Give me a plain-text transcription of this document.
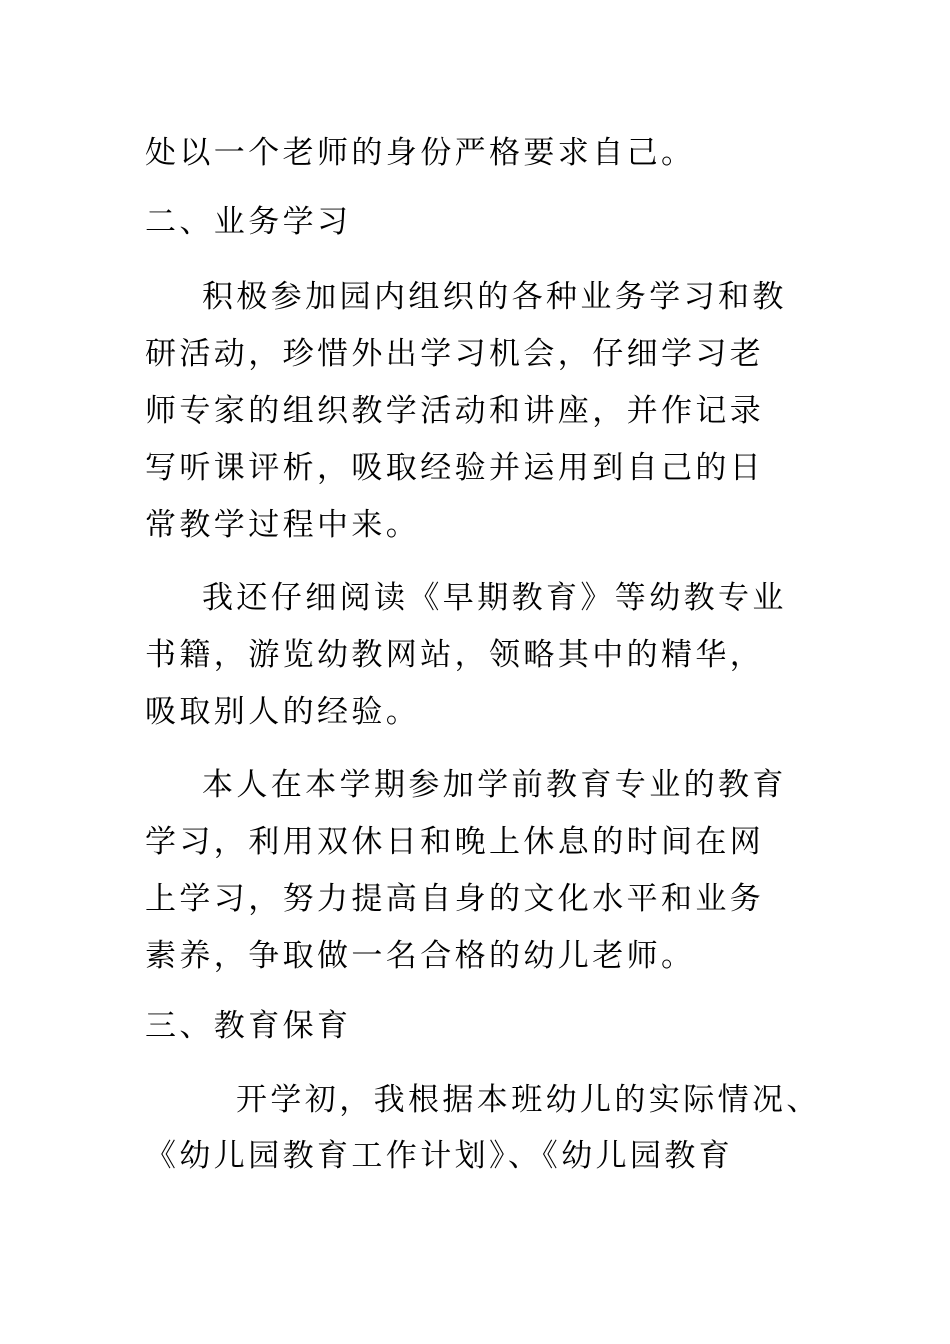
处以一个老师的身份严格要求自己。
二、业务学习
积极参加园内组织的各种业务学习和教
研活动，珍惜外出学习机会，仔细学习老
师专家的组织教学活动和讲座，并作记录
写听课评析，吸取经验并运用到自己的日
常教学过程中来。
我还仔细阅读《早期教育》等幼教专业
书籍，游览幼教网站，领略其中的精华，
吸取别人的经验。
本人在本学期参加学前教育专业的教育
学习，利用双休日和晚上休息的时间在网
上学习，努力提高自身的文化水平和业务
素养，争取做一名合格的幼儿老师。
三、教育保育
开学初，我根据本班幼儿的实际情况、
《幼儿园教育工作计划》、《幼儿园教育
